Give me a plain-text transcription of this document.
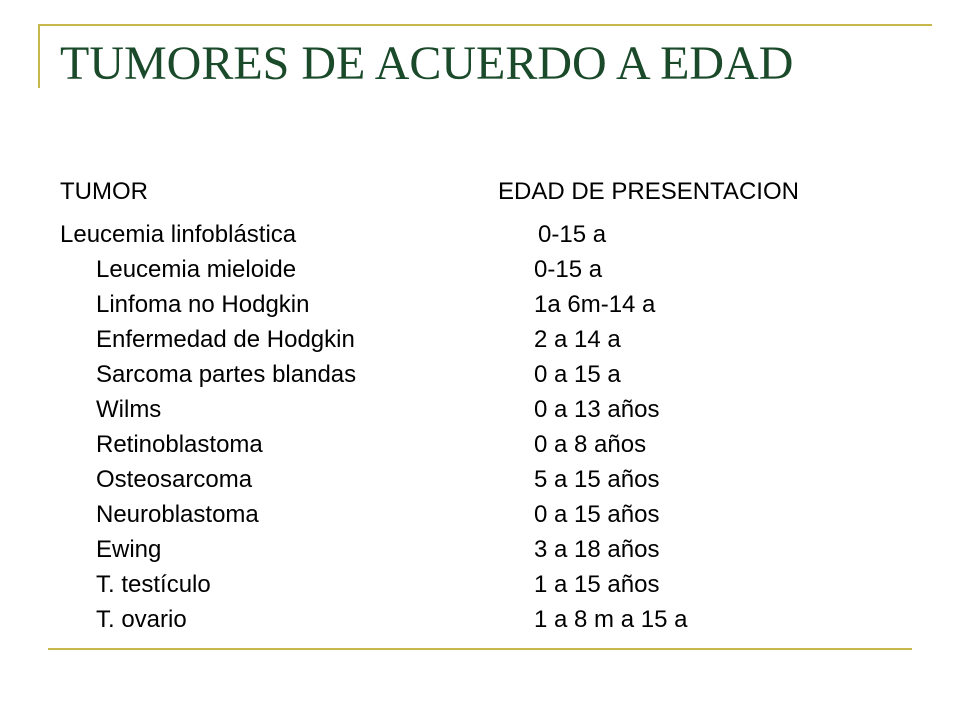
TUMORES DE ACUERDO A EDAD
TUMOR	EDAD DE PRESENTACION
Leucemia linfoblástica	0-15 a
Leucemia mieloide	0-15 a
Linfoma no Hodgkin	1a 6m-14 a
Enfermedad de Hodgkin	2 a 14 a
Sarcoma partes blandas	0 a 15 a
Wilms	0 a 13 años
Retinoblastoma	0 a 8 años
Osteosarcoma	5 a 15 años
Neuroblastoma	0 a 15 años
Ewing	3 a 18 años
T. testículo	1 a 15 años
T. ovario	1 a 8 m a 15 a
